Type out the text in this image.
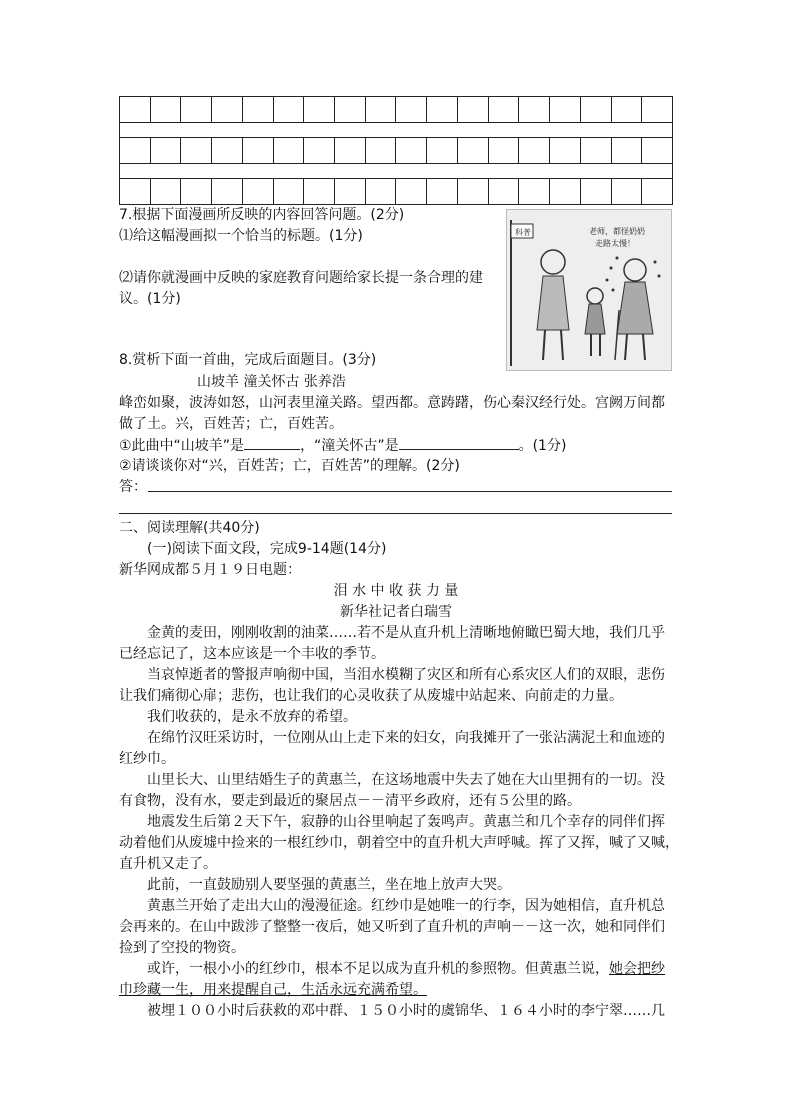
7.根据下面漫画所反映的内容回答问题。(2分)
⑴给这幅漫画拟一个恰当的标题。(1分)
⑵请你就漫画中反映的家庭教育问题给家长提一条合理的建
议。(1分)
科普	老师，都怪奶奶
走路太慢！
8.赏析下面一首曲，完成后面题目。(3分)
山坡羊 潼关怀古 张养浩
峰峦如聚，波涛如怒，山河表里潼关路。望西都。意踌躇，伤心秦汉经行处。宫阙万间都
做了土。兴，百姓苦；亡，百姓苦。
①此曲中“山坡羊”是	，“潼关怀古”是	。(1分)
②请谈谈你对“兴，百姓苦；亡，百姓苦”的理解。(2分)
答：
二、阅读理解(共40分)
(一)阅读下面文段，完成9-14题(14分)
新华网成都５月１９日电题：
泪 水 中 收 获 力 量
新华社记者白瑞雪
金黄的麦田，刚刚收割的油菜……若不是从直升机上清晰地俯瞰巴蜀大地，我们几乎
已经忘记了，这本应该是一个丰收的季节。
当哀悼逝者的警报声响彻中国，当泪水模糊了灾区和所有心系灾区人们的双眼，悲伤
让我们痛彻心扉；悲伤，也让我们的心灵收获了从废墟中站起来、向前走的力量。
我们收获的，是永不放弃的希望。
在绵竹汉旺采访时，一位刚从山上走下来的妇女，向我摊开了一张沾满泥土和血迹的
红纱巾。
山里长大、山里结婚生子的黄惠兰，在这场地震中失去了她在大山里拥有的一切。没
有食物，没有水，要走到最近的聚居点－－清平乡政府，还有５公里的路。
地震发生后第２天下午，寂静的山谷里响起了轰鸣声。黄惠兰和几个幸存的同伴们挥
动着他们从废墟中捡来的一根红纱巾，朝着空中的直升机大声呼喊。挥了又挥，喊了又喊，
直升机又走了。
此前，一直鼓励别人要坚强的黄惠兰，坐在地上放声大哭。
黄惠兰开始了走出大山的漫漫征途。红纱巾是她唯一的行李，因为她相信，直升机总
会再来的。在山中跋涉了整整一夜后，她又听到了直升机的声响－－这一次，她和同伴们
捡到了空投的物资。
或许，一根小小的红纱巾，根本不足以成为直升机的参照物。但黄惠兰说，她会把纱
巾珍藏一生，用来提醒自己，生活永远充满希望。
被埋１００小时后获救的邓中群、１５０小时的虞锦华、１６４小时的李宁翠……几
